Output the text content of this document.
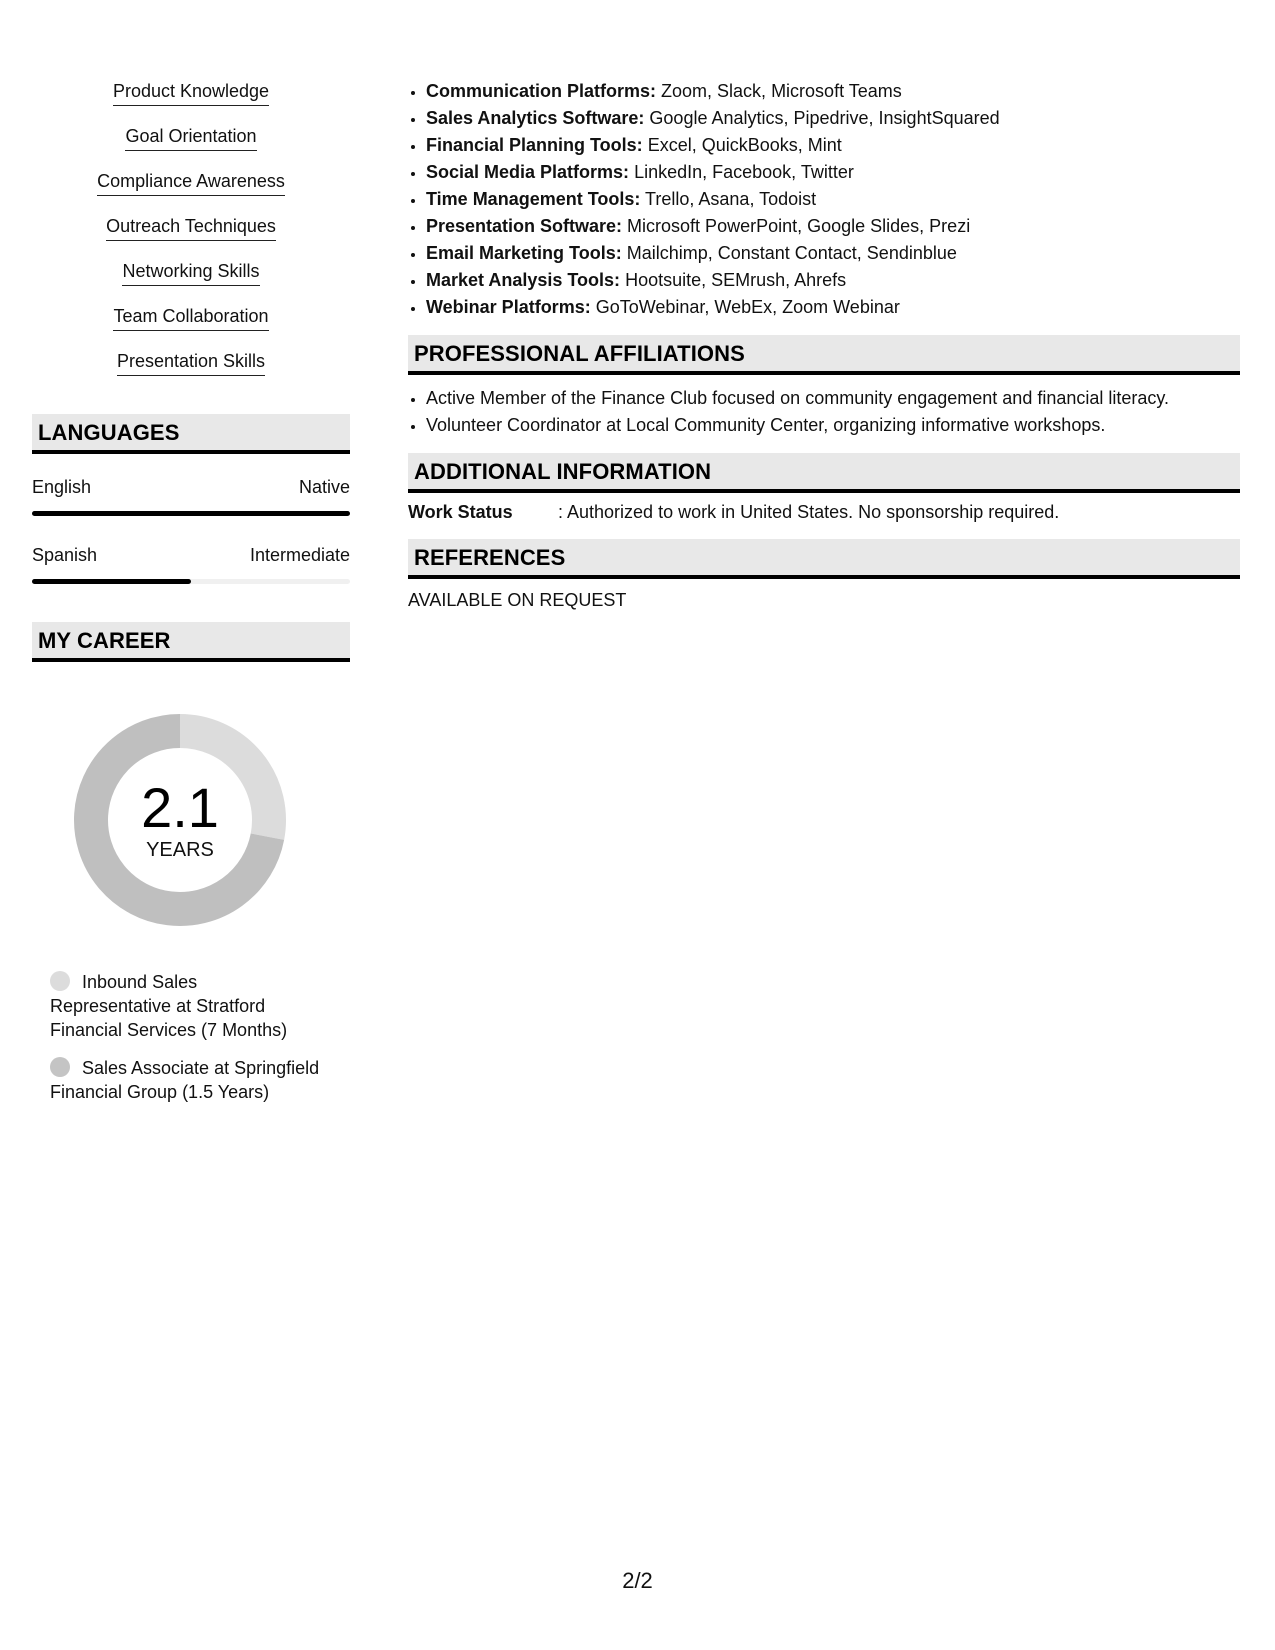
Product Knowledge
Goal Orientation
Compliance Awareness
Outreach Techniques
Networking Skills
Team Collaboration
Presentation Skills
LANGUAGES
English	Native
Spanish	Intermediate
MY CAREER
2.1
YEARS
Inbound Sales Representative at Stratford Financial Services (7 Months)
Sales Associate at Springfield Financial Group (1.5 Years)
• Communication Platforms: Zoom, Slack, Microsoft Teams
• Sales Analytics Software: Google Analytics, Pipedrive, InsightSquared
• Financial Planning Tools: Excel, QuickBooks, Mint
• Social Media Platforms: LinkedIn, Facebook, Twitter
• Time Management Tools: Trello, Asana, Todoist
• Presentation Software: Microsoft PowerPoint, Google Slides, Prezi
• Email Marketing Tools: Mailchimp, Constant Contact, Sendinblue
• Market Analysis Tools: Hootsuite, SEMrush, Ahrefs
• Webinar Platforms: GoToWebinar, WebEx, Zoom Webinar
PROFESSIONAL AFFILIATIONS
• Active Member of the Finance Club focused on community engagement and financial literacy.
• Volunteer Coordinator at Local Community Center, organizing informative workshops.
ADDITIONAL INFORMATION
Work Status	: Authorized to work in United States. No sponsorship required.
REFERENCES
AVAILABLE ON REQUEST
2/2
